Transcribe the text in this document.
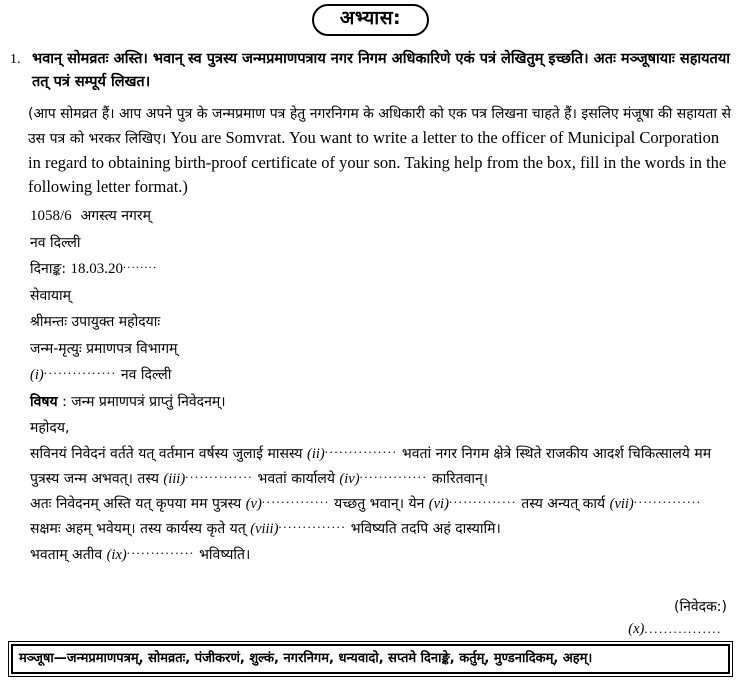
अभ्यास:
1. भवान् सोमव्रतः अस्ति। भवान् स्व पुत्रस्य जन्मप्रमाणपत्राय नगर निगम अधिकारिणे एकं पत्रं लेखितुम् इच्छति। अतः मञ्जूषायाः सहायतया तत् पत्रं सम्पूर्य लिखत।

(आप सोमव्रत हैं। आप अपने पुत्र के जन्मप्रमाण पत्र हेतु नगरनिगम के अधिकारी को एक पत्र लिखना चाहते हैं। इसलिए मंजूषा की सहायता से उस पत्र को भरकर लिखिए। You are Somvrat. You want to write a letter to the officer of Municipal Corporation in regard to obtaining birth-proof certificate of your son. Taking help from the box, fill in the words in the following letter format.)

1058/6 अगस्त्य नगरम्

नव दिल्ली

दिनाङ्क: 18.03.20........

सेवायाम्

श्रीमन्तः उपायुक्त महोदयाः

जन्म-मृत्युः प्रमाणपत्र विभागम्

(i)............... नव दिल्ली

विषय : जन्म प्रमाणपत्रं प्राप्तुं निवेदनम्।

महोदय,

सविनयं निवेदनं वर्तते यत् वर्तमान वर्षस्य जुलाई मासस्य (ii)............... भवतां नगर निगम क्षेत्रे स्थिते राजकीय आदर्श चिकित्सालये मम पुत्रस्य जन्म अभवत्। तस्य (iii).............. भवतां कार्यालये (iv).............. कारितवान्।

अतः निवेदनम् अस्ति यत् कृपया मम पुत्रस्य (v).............. यच्छतु भवान्। येन (vi).............. तस्य अन्यत् कार्य (vii).............. सक्षमः अहम् भवेयम्। तस्य कार्यस्य कृते यत् (viii).............. भविष्यति तदपि अहं दास्यामि।

भवताम् अतीव (ix).............. भविष्यति।

(निवेदक:)
(x)................
मञ्जूषा—जन्मप्रमाणपत्रम्, सोमव्रतः, पंजीकरणं, शुल्कं, नगरनिगम, धन्यवादो, सप्तमे दिनाङ्के, कर्तुम्, मुण्डनादिकम्, अहम्।
